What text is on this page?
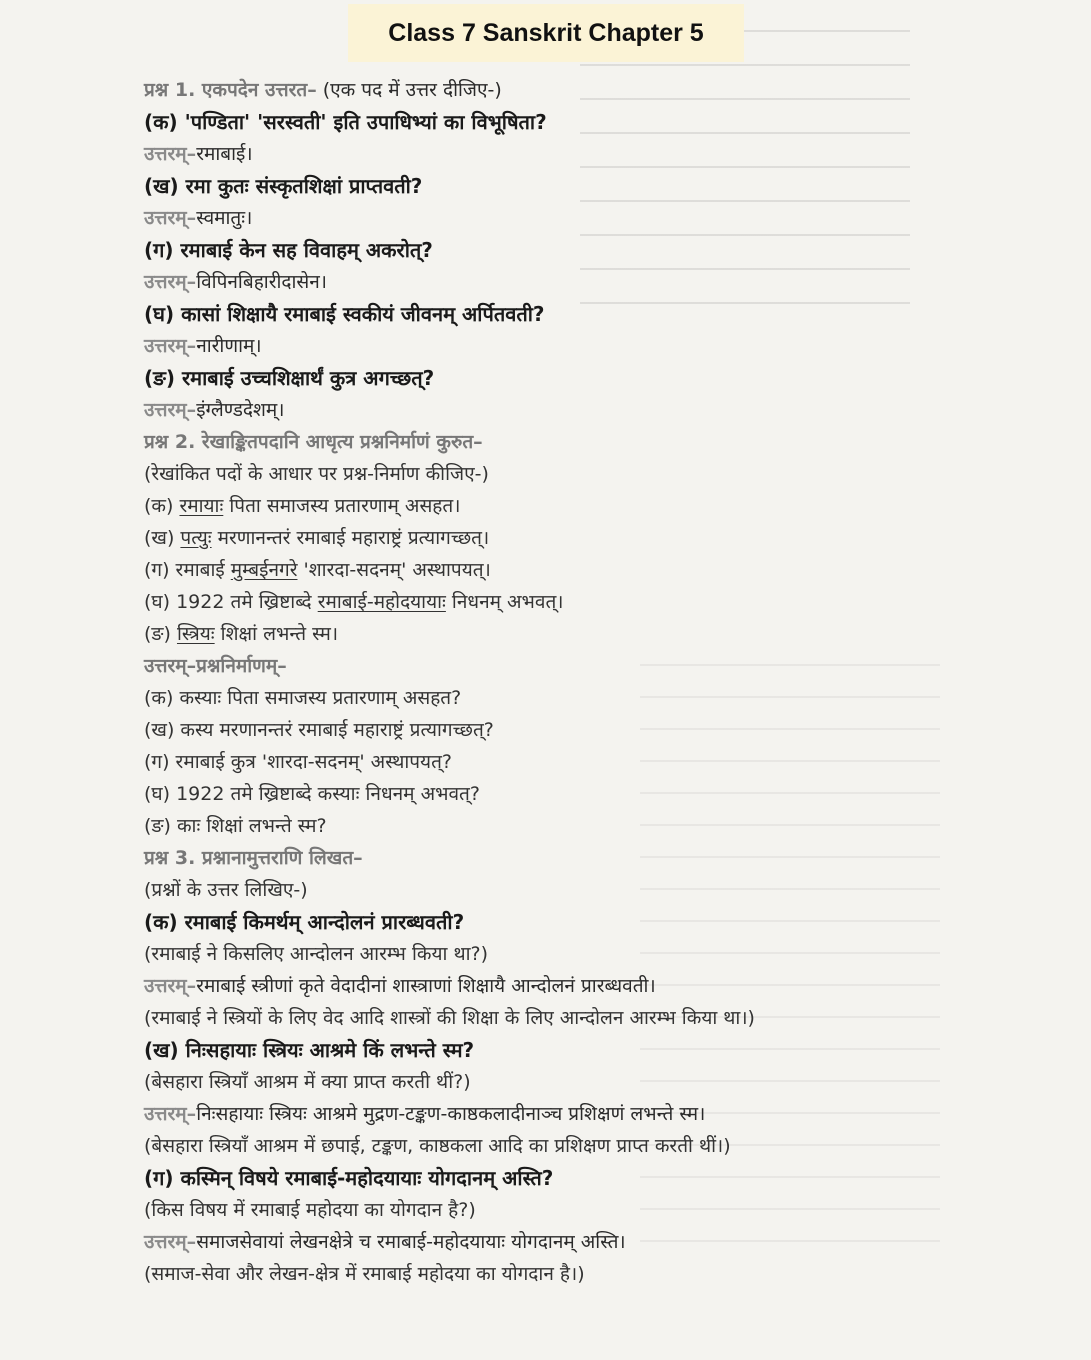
Class 7 Sanskrit Chapter 5
प्रश्न 1. एकपदेन उत्तरत– (एक पद में उत्तर दीजिए-)
(क) 'पण्डिता' 'सरस्वती' इति उपाधिभ्यां का विभूषिता?
उत्तरम्–रमाबाई।
(ख) रमा कुतः संस्कृतशिक्षां प्राप्तवती?
उत्तरम्–स्वमातुः।
(ग) रमाबाई केन सह विवाहम् अकरोत्?
उत्तरम्–विपिनबिहारीदासेन।
(घ) कासां शिक्षायै रमाबाई स्वकीयं जीवनम् अर्पितवती?
उत्तरम्–नारीणाम्।
(ङ) रमाबाई उच्चशिक्षार्थं कुत्र अगच्छत्?
उत्तरम्–इंग्लैण्डदेशम्।
प्रश्न 2. रेखाङ्कितपदानि आधृत्य प्रश्ननिर्माणं कुरुत–
(रेखांकित पदों के आधार पर प्रश्न-निर्माण कीजिए-)
(क) रमायाः पिता समाजस्य प्रतारणाम् असहत।
(ख) पत्युः मरणानन्तरं रमाबाई महाराष्ट्रं प्रत्यागच्छत्।
(ग) रमाबाई मुम्बईनगरे 'शारदा-सदनम्' अस्थापयत्।
(घ) 1922 तमे ख्रिष्टाब्दे रमाबाई-महोदयायाः निधनम् अभवत्।
(ङ) स्त्रियः शिक्षां लभन्ते स्म।
उत्तरम्–प्रश्ननिर्माणम्–
(क) कस्याः पिता समाजस्य प्रतारणाम् असहत?
(ख) कस्य मरणानन्तरं रमाबाई महाराष्ट्रं प्रत्यागच्छत्?
(ग) रमाबाई कुत्र 'शारदा-सदनम्' अस्थापयत्?
(घ) 1922 तमे ख्रिष्टाब्दे कस्याः निधनम् अभवत्?
(ङ) काः शिक्षां लभन्ते स्म?
प्रश्न 3. प्रश्नानामुत्तराणि लिखत–
(प्रश्नों के उत्तर लिखिए-)
(क) रमाबाई किमर्थम् आन्दोलनं प्रारब्धवती?
(रमाबाई ने किसलिए आन्दोलन आरम्भ किया था?)
उत्तरम्–रमाबाई स्त्रीणां कृते वेदादीनां शास्त्राणां शिक्षायै आन्दोलनं प्रारब्धवती।
(रमाबाई ने स्त्रियों के लिए वेद आदि शास्त्रों की शिक्षा के लिए आन्दोलन आरम्भ किया था।)
(ख) निःसहायाः स्त्रियः आश्रमे किं लभन्ते स्म?
(बेसहारा स्त्रियाँ आश्रम में क्या प्राप्त करती थीं?)
उत्तरम्–निःसहायाः स्त्रियः आश्रमे मुद्रण-टङ्कण-काष्ठकलादीनाञ्च प्रशिक्षणं लभन्ते स्म।
(बेसहारा स्त्रियाँ आश्रम में छपाई, टङ्कण, काष्ठकला आदि का प्रशिक्षण प्राप्त करती थीं।)
(ग) कस्मिन् विषये रमाबाई-महोदयायाः योगदानम् अस्ति?
(किस विषय में रमाबाई महोदया का योगदान है?)
उत्तरम्–समाजसेवायां लेखनक्षेत्रे च रमाबाई-महोदयायाः योगदानम् अस्ति।
(समाज-सेवा और लेखन-क्षेत्र में रमाबाई महोदया का योगदान है।)
